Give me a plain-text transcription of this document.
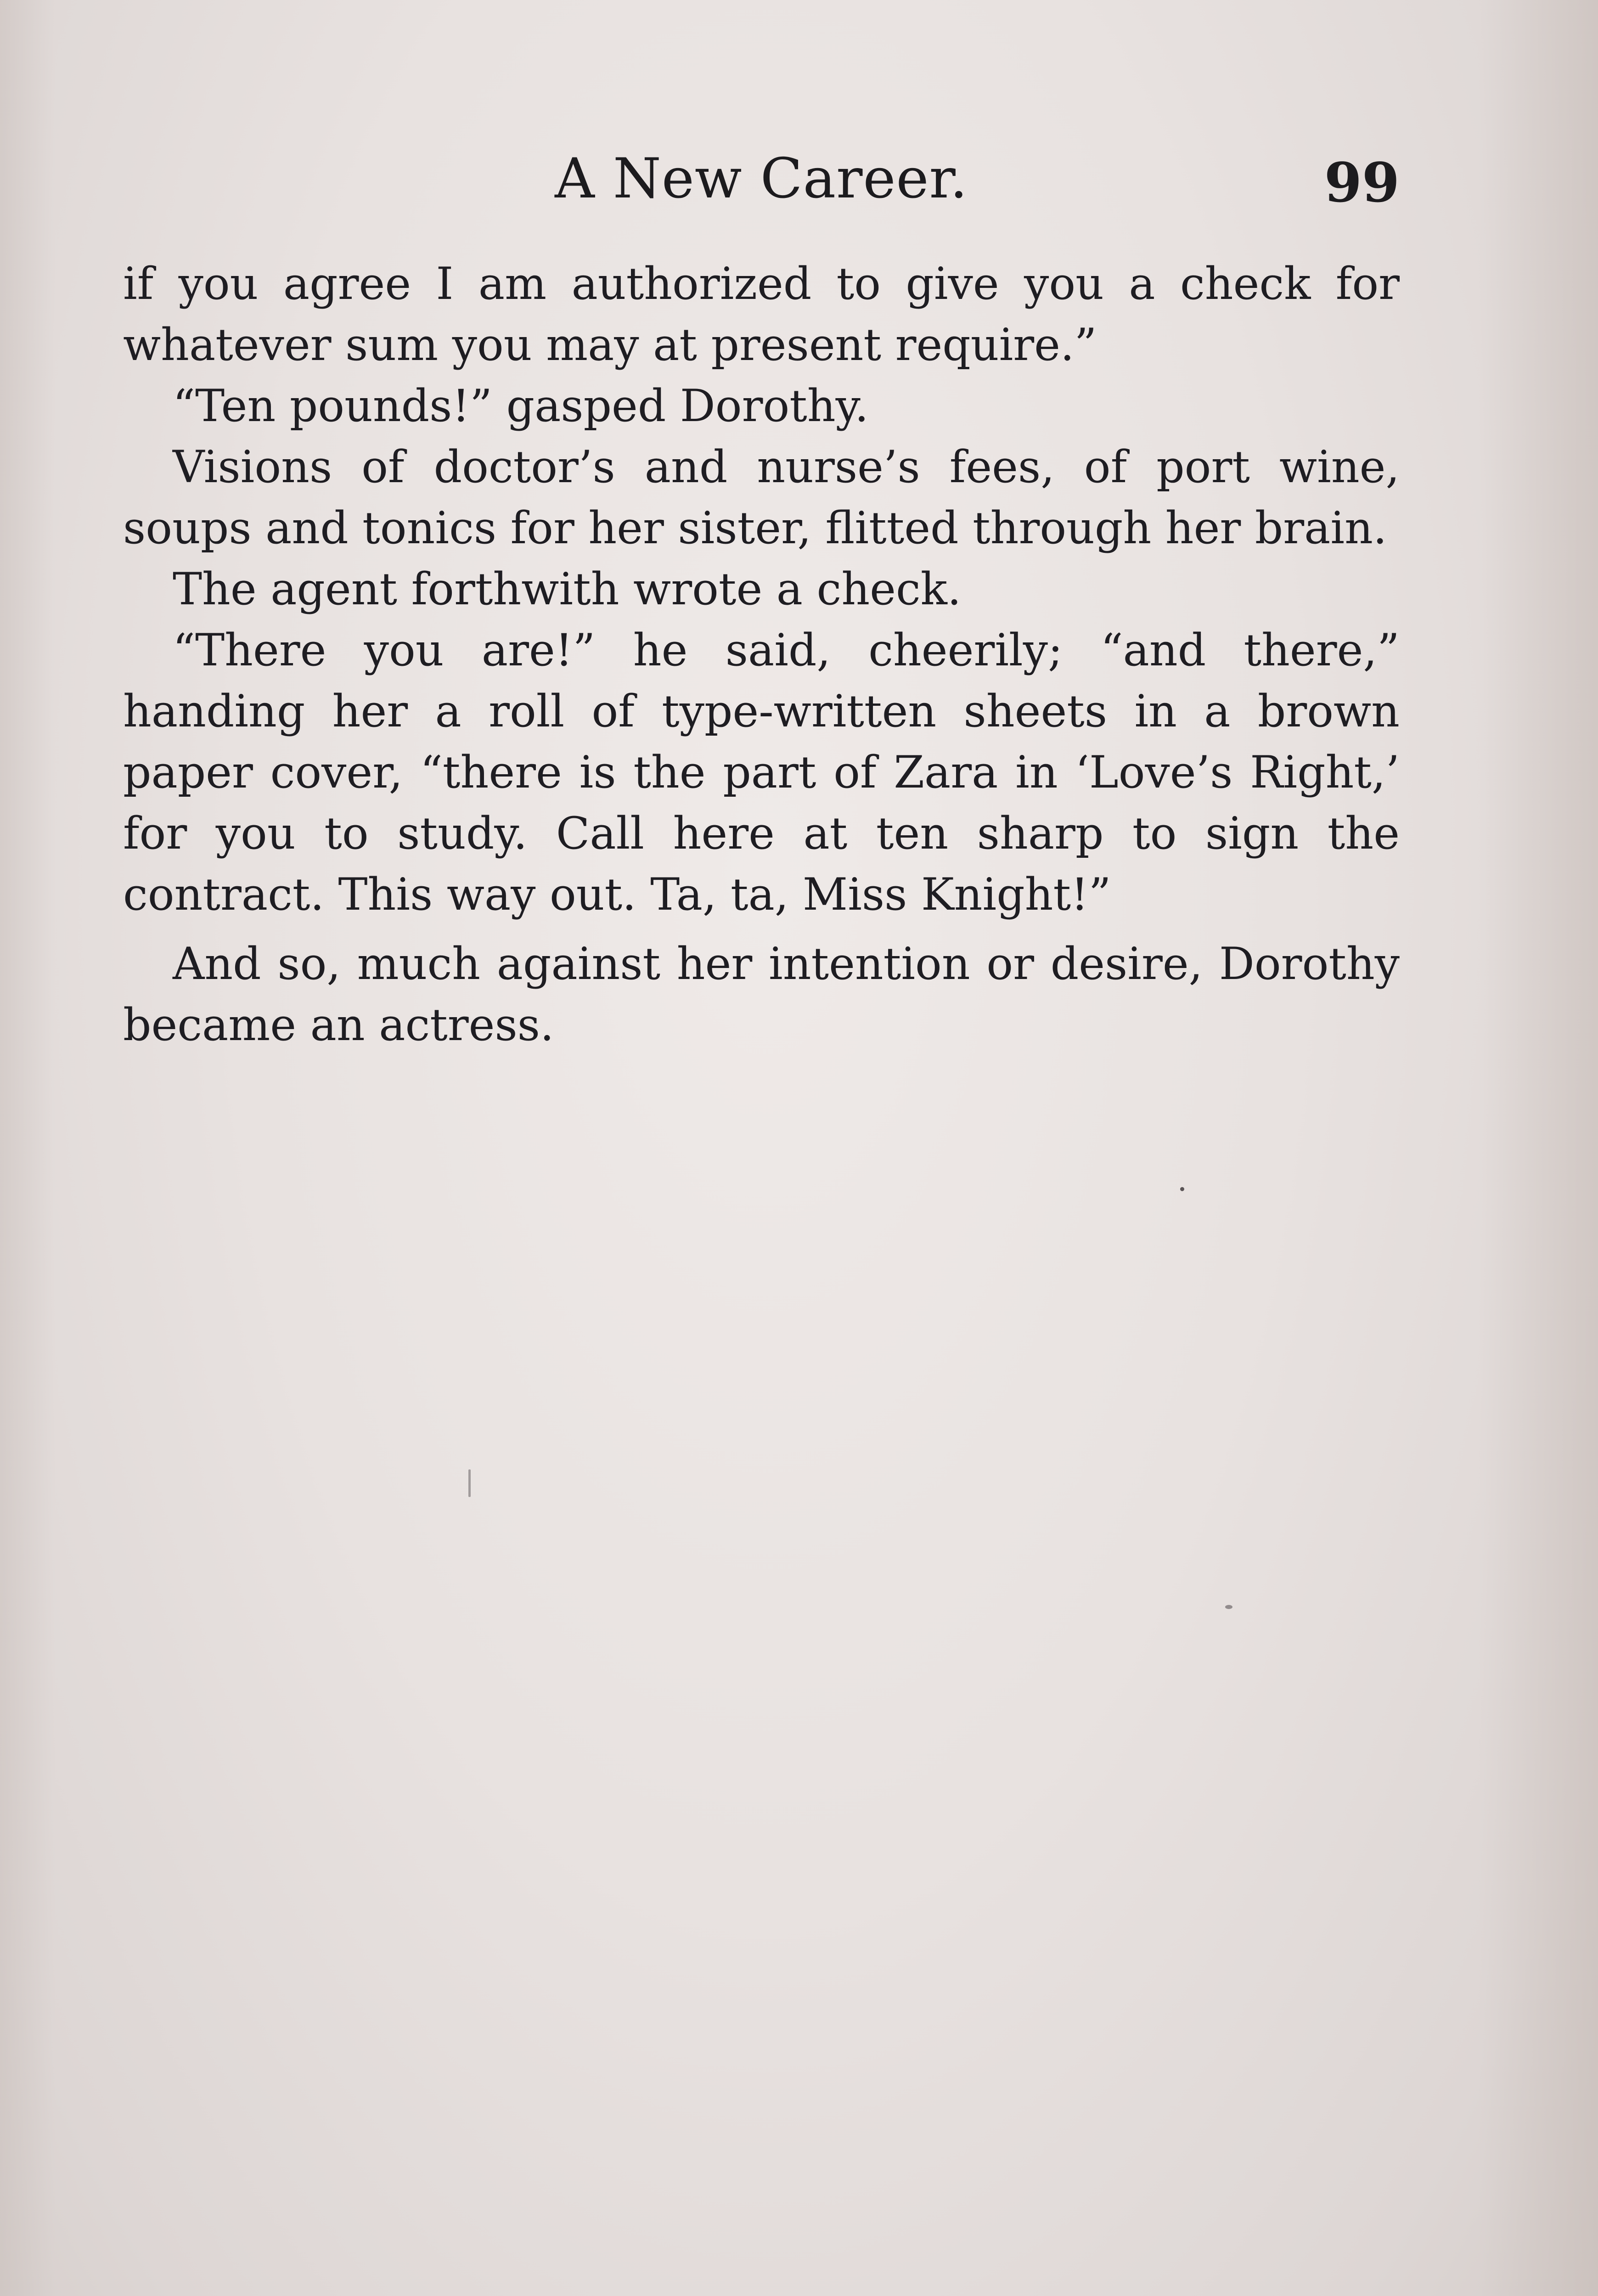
A New Career.	99

if you agree I am authorized to give you a check for whatever sum you may at present require.”

“Ten pounds!” gasped Dorothy.

Visions of doctor’s and nurse’s fees, of port wine, soups and tonics for her sister, flitted through her brain.

The agent forthwith wrote a check.

“There you are!” he said, cheerily; “and there,” handing her a roll of type-written sheets in a brown paper cover, “there is the part of Zara in ‘Love’s Right,’ for you to study. Call here at ten sharp to sign the contract. This way out. Ta, ta, Miss Knight!”

And so, much against her intention or desire, Dorothy became an actress.
